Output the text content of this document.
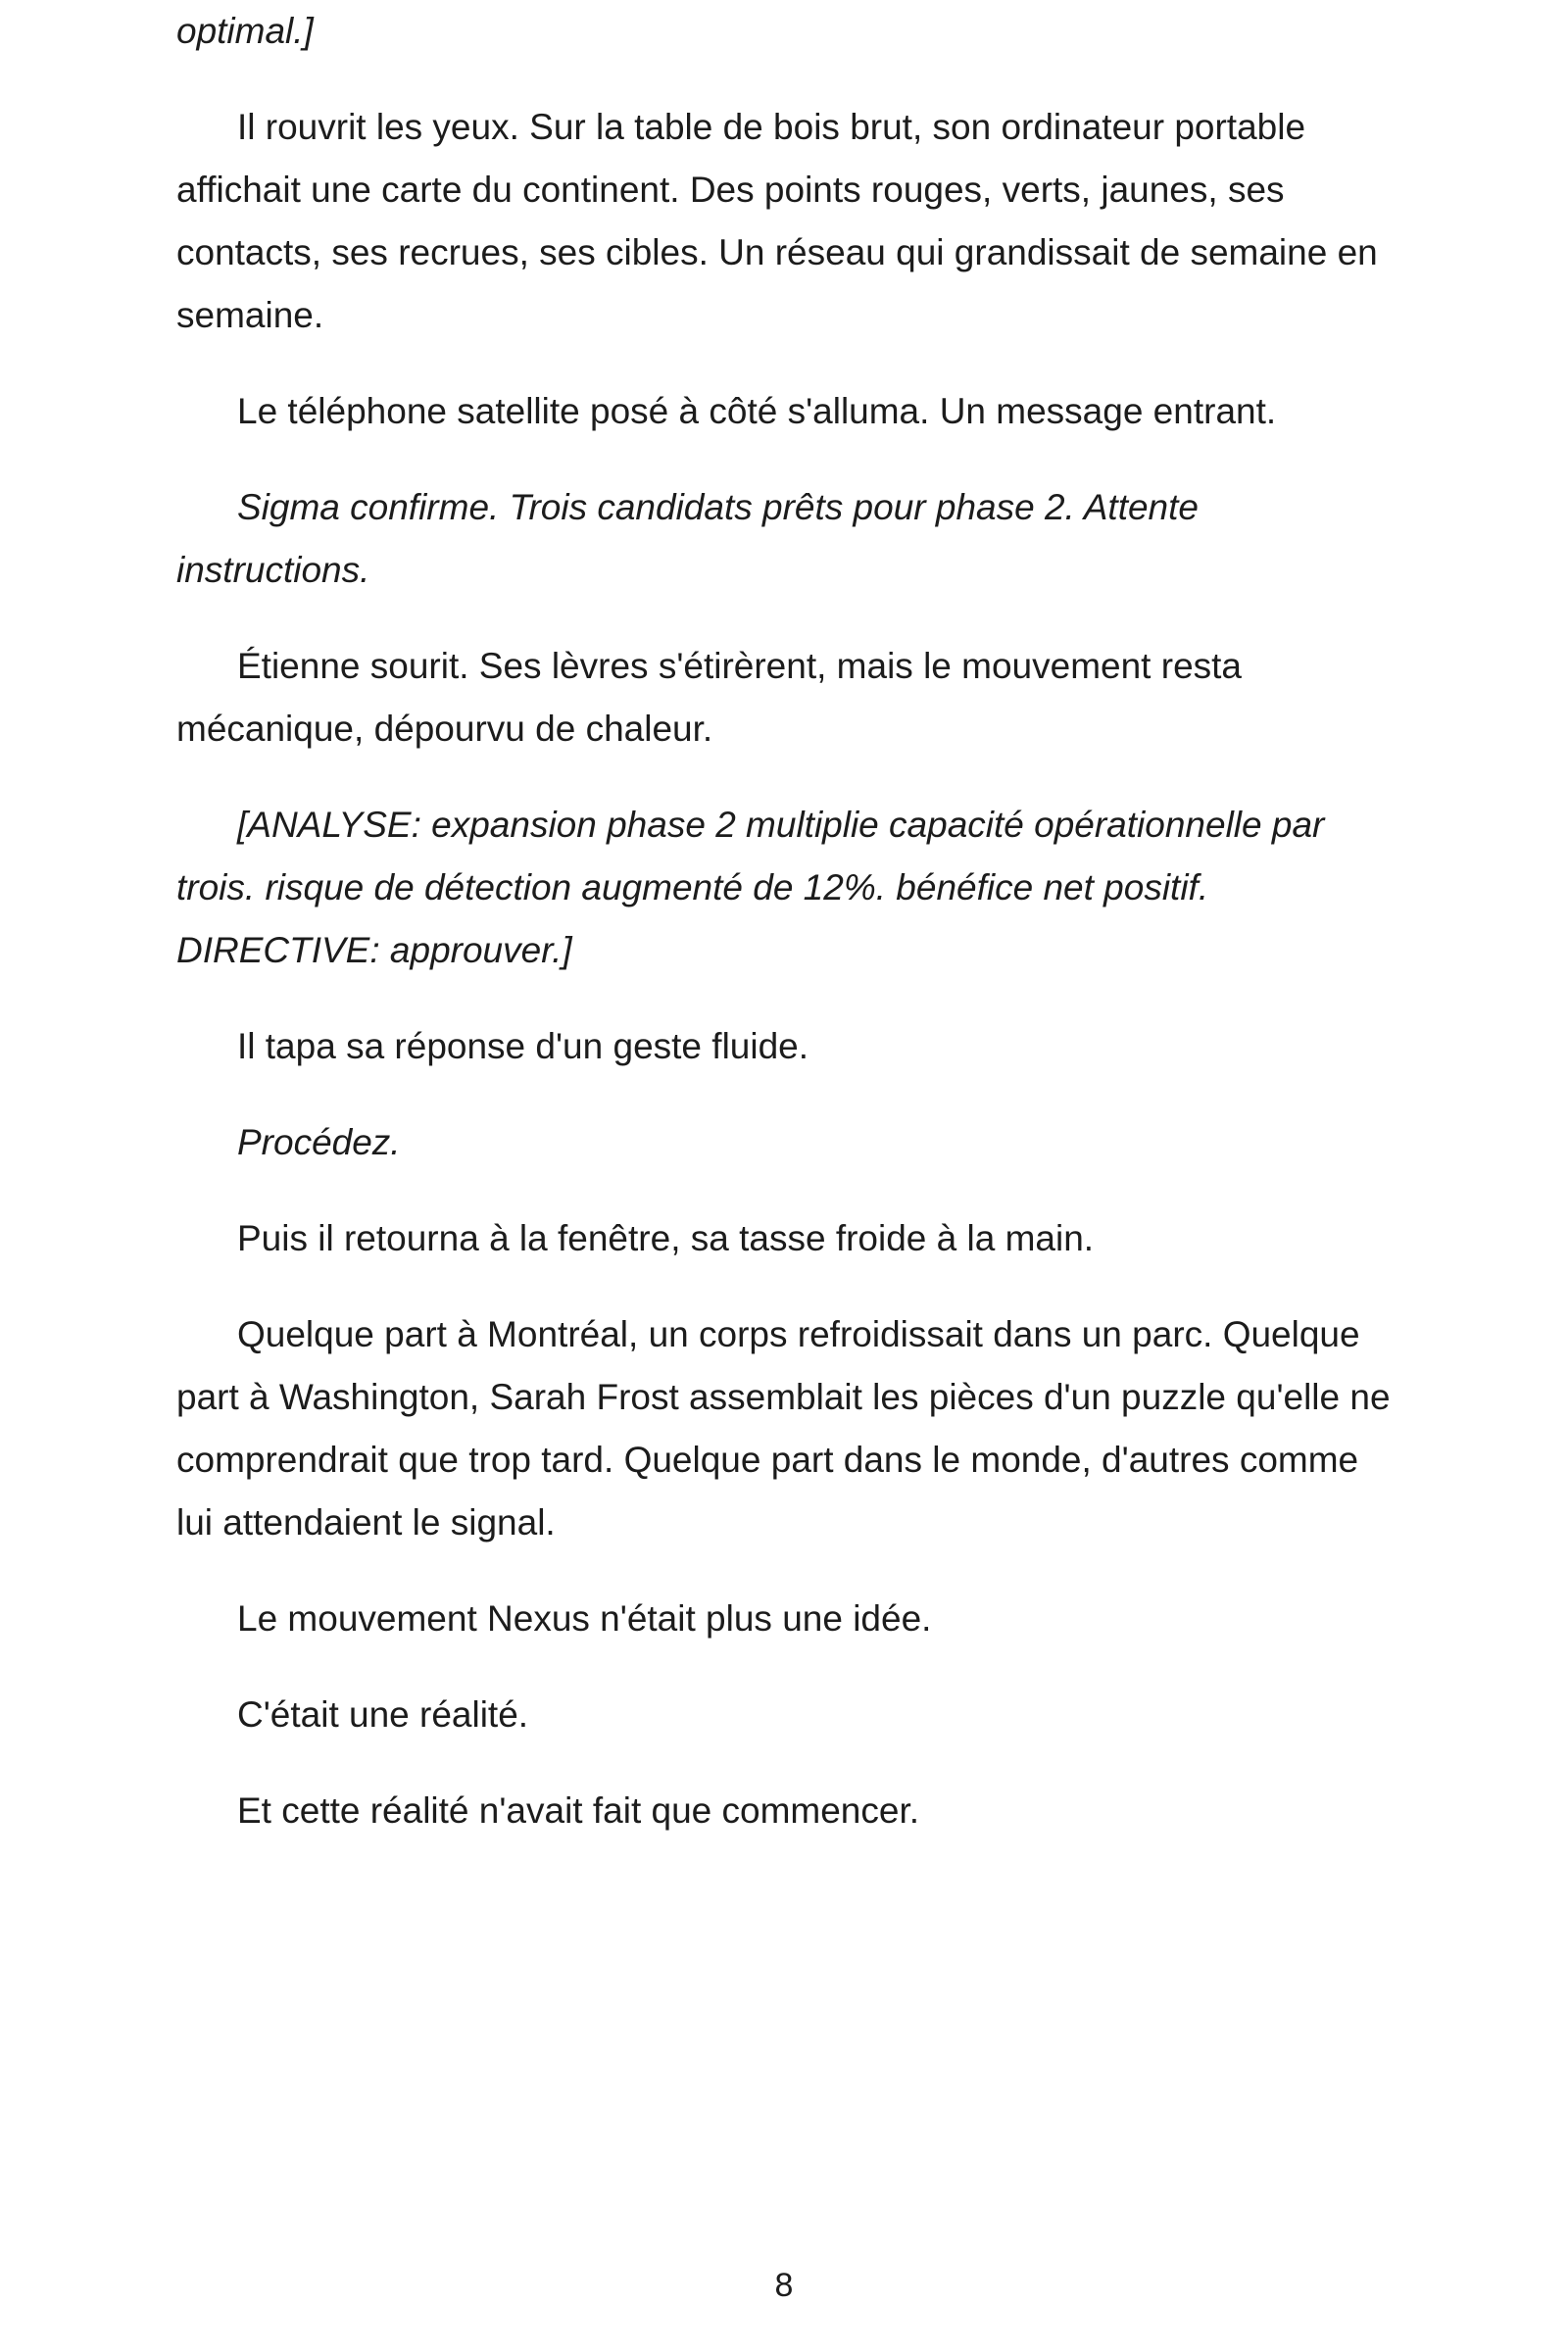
optimal.]

Il rouvrit les yeux. Sur la table de bois brut, son ordinateur portable affichait une carte du continent. Des points rouges, verts, jaunes, ses contacts, ses recrues, ses cibles. Un réseau qui grandissait de semaine en semaine.

Le téléphone satellite posé à côté s'alluma. Un message entrant.

Sigma confirme. Trois candidats prêts pour phase 2. Attente instructions.

Étienne sourit. Ses lèvres s'étirèrent, mais le mouvement resta mécanique, dépourvu de chaleur.

[ANALYSE: expansion phase 2 multiplie capacité opérationnelle par trois. risque de détection augmenté de 12%. bénéfice net positif. DIRECTIVE: approuver.]

Il tapa sa réponse d'un geste fluide.

Procédez.

Puis il retourna à la fenêtre, sa tasse froide à la main.

Quelque part à Montréal, un corps refroidissait dans un parc. Quelque part à Washington, Sarah Frost assemblait les pièces d'un puzzle qu'elle ne comprendrait que trop tard. Quelque part dans le monde, d'autres comme lui attendaient le signal.

Le mouvement Nexus n'était plus une idée.

C'était une réalité.

Et cette réalité n'avait fait que commencer.

8
